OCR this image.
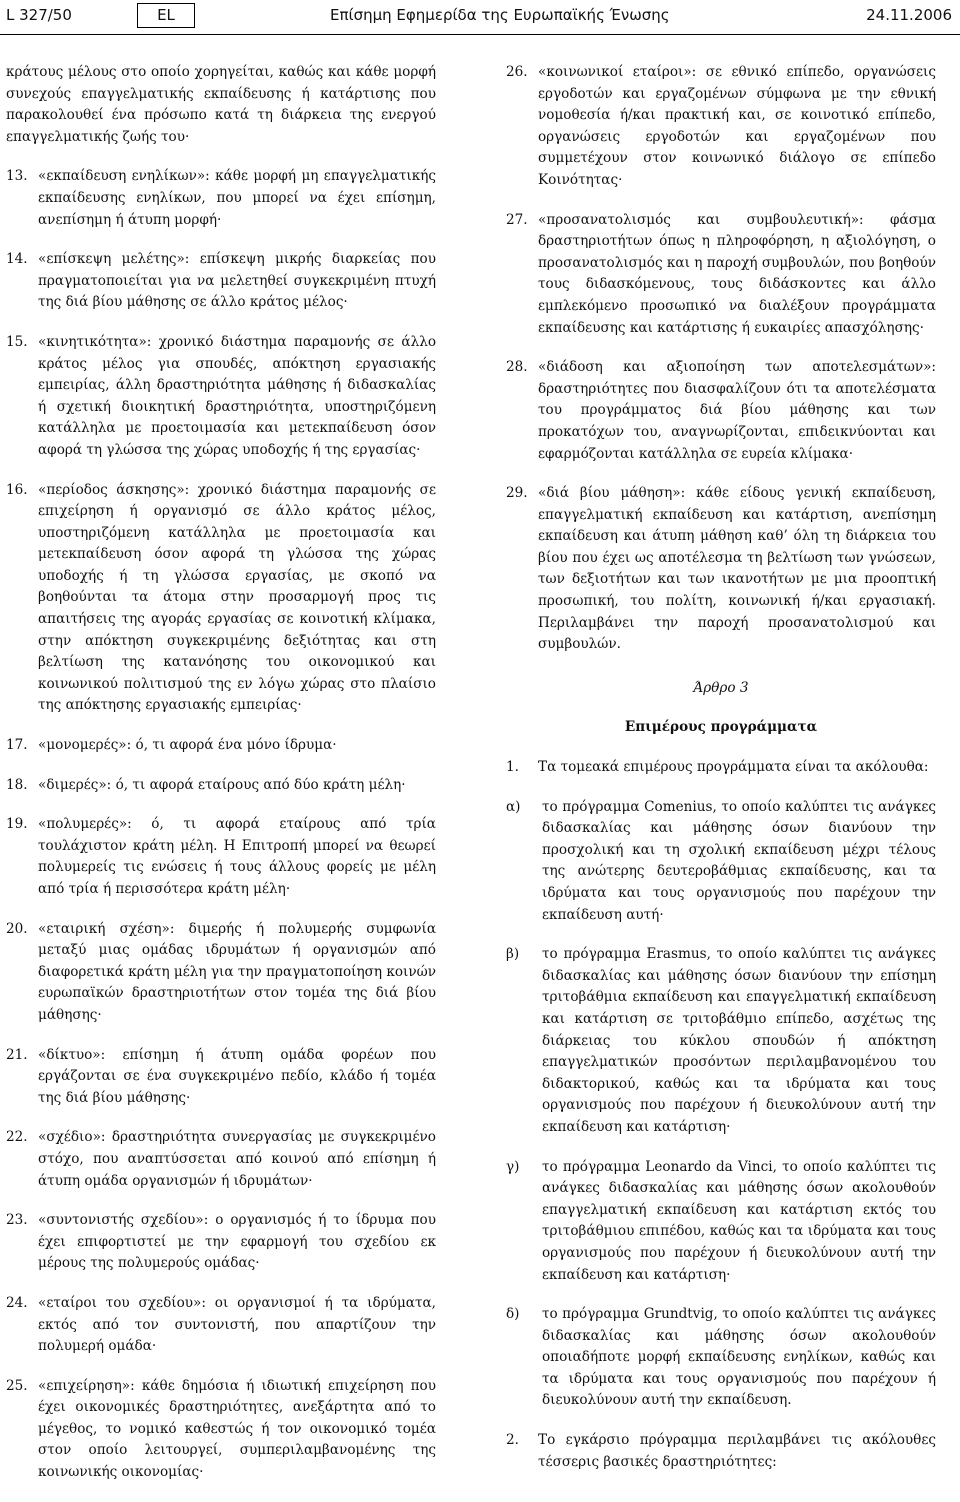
L 327/50	EL	Επίσημη Εφημερίδα της Ευρωπαϊκής Ένωσης	24.11.2006
κράτους μέλους στο οποίο χορηγείται, καθώς και κάθε μορφή συνεχούς επαγγελματικής εκπαίδευσης ή κατάρτισης που παρακολουθεί ένα πρόσωπο κατά τη διάρκεια της ενεργού επαγγελματικής ζωής του·
13. «εκπαίδευση ενηλίκων»: κάθε μορφή μη επαγγελματικής εκπαίδευσης ενηλίκων, που μπορεί να έχει επίσημη, ανεπίσημη ή άτυπη μορφή·
14. «επίσκεψη μελέτης»: επίσκεψη μικρής διαρκείας που πραγματοποιείται για να μελετηθεί συγκεκριμένη πτυχή της διά βίου μάθησης σε άλλο κράτος μέλος·
15. «κινητικότητα»: χρονικό διάστημα παραμονής σε άλλο κράτος μέλος για σπουδές, απόκτηση εργασιακής εμπειρίας, άλλη δραστηριότητα μάθησης ή διδασκαλίας ή σχετική διοικητική δραστηριότητα, υποστηριζόμενη κατάλληλα με προετοιμασία και μετεκπαίδευση όσον αφορά τη γλώσσα της χώρας υποδοχής ή της εργασίας·
16. «περίοδος άσκησης»: χρονικό διάστημα παραμονής σε επιχείρηση ή οργανισμό σε άλλο κράτος μέλος, υποστηριζόμενη κατάλληλα με προετοιμασία και μετεκπαίδευση όσον αφορά τη γλώσσα της χώρας υποδοχής ή τη γλώσσα εργασίας, με σκοπό να βοηθούνται τα άτομα στην προσαρμογή προς τις απαιτήσεις της αγοράς εργασίας σε κοινοτική κλίμακα, στην απόκτηση συγκεκριμένης δεξιότητας και στη βελτίωση της κατανόησης του οικονομικού και κοινωνικού πολιτισμού της εν λόγω χώρας στο πλαίσιο της απόκτησης εργασιακής εμπειρίας·
17. «μονομερές»: ό, τι αφορά ένα μόνο ίδρυμα·
18. «διμερές»: ό, τι αφορά εταίρους από δύο κράτη μέλη·
19. «πολυμερές»: ό, τι αφορά εταίρους από τρία τουλάχιστον κράτη μέλη. Η Επιτροπή μπορεί να θεωρεί πολυμερείς τις ενώσεις ή τους άλλους φορείς με μέλη από τρία ή περισσότερα κράτη μέλη·
20. «εταιρική σχέση»: διμερής ή πολυμερής συμφωνία μεταξύ μιας ομάδας ιδρυμάτων ή οργανισμών από διαφορετικά κράτη μέλη για την πραγματοποίηση κοινών ευρωπαϊκών δραστηριοτήτων στον τομέα της διά βίου μάθησης·
21. «δίκτυο»: επίσημη ή άτυπη ομάδα φορέων που εργάζονται σε ένα συγκεκριμένο πεδίο, κλάδο ή τομέα της διά βίου μάθησης·
22. «σχέδιο»: δραστηριότητα συνεργασίας με συγκεκριμένο στόχο, που αναπτύσσεται από κοινού από επίσημη ή άτυπη ομάδα οργανισμών ή ιδρυμάτων·
23. «συντονιστής σχεδίου»: ο οργανισμός ή το ίδρυμα που έχει επιφορτιστεί με την εφαρμογή του σχεδίου εκ μέρους της πολυμερούς ομάδας·
24. «εταίροι του σχεδίου»: οι οργανισμοί ή τα ιδρύματα, εκτός από τον συντονιστή, που απαρτίζουν την πολυμερή ομάδα·
25. «επιχείρηση»: κάθε δημόσια ή ιδιωτική επιχείρηση που έχει οικονομικές δραστηριότητες, ανεξάρτητα από το μέγεθος, το νομικό καθεστώς ή τον οικονομικό τομέα στον οποίο λειτουργεί, συμπεριλαμβανομένης της κοινωνικής οικονομίας·
26. «κοινωνικοί εταίροι»: σε εθνικό επίπεδο, οργανώσεις εργοδοτών και εργαζομένων σύμφωνα με την εθνική νομοθεσία ή/και πρακτική και, σε κοινοτικό επίπεδο, οργανώσεις εργοδοτών και εργαζομένων που συμμετέχουν στον κοινωνικό διάλογο σε επίπεδο Κοινότητας·
27. «προσανατολισμός και συμβουλευτική»: φάσμα δραστηριοτήτων όπως η πληροφόρηση, η αξιολόγηση, ο προσανατολισμός και η παροχή συμβουλών, που βοηθούν τους διδασκόμενους, τους διδάσκοντες και άλλο εμπλεκόμενο προσωπικό να διαλέξουν προγράμματα εκπαίδευσης και κατάρτισης ή ευκαιρίες απασχόλησης·
28. «διάδοση και αξιοποίηση των αποτελεσμάτων»: δραστηριότητες που διασφαλίζουν ότι τα αποτελέσματα του προγράμματος διά βίου μάθησης και των προκατόχων του, αναγνωρίζονται, επιδεικνύονται και εφαρμόζονται κατάλληλα σε ευρεία κλίμακα·
29. «διά βίου μάθηση»: κάθε είδους γενική εκπαίδευση, επαγγελματική εκπαίδευση και κατάρτιση, ανεπίσημη εκπαίδευση και άτυπη μάθηση καθ’ όλη τη διάρκεια του βίου που έχει ως αποτέλεσμα τη βελτίωση των γνώσεων, των δεξιοτήτων και των ικανοτήτων με μια προοπτική προσωπική, του πολίτη, κοινωνική ή/και εργασιακή. Περιλαμβάνει την παροχή προσανατολισμού και συμβουλών.
Άρθρο 3
Επιμέρους προγράμματα
1.	Τα τομεακά επιμέρους προγράμματα είναι τα ακόλουθα:
α)	το πρόγραμμα Comenius, το οποίο καλύπτει τις ανάγκες διδασκαλίας και μάθησης όσων διανύουν την προσχολική και τη σχολική εκπαίδευση μέχρι τέλους της ανώτερης δευτεροβάθμιας εκπαίδευσης, και τα ιδρύματα και τους οργανισμούς που παρέχουν την εκπαίδευση αυτή·
β)	το πρόγραμμα Erasmus, το οποίο καλύπτει τις ανάγκες διδασκαλίας και μάθησης όσων διανύουν την επίσημη τριτοβάθμια εκπαίδευση και επαγγελματική εκπαίδευση και κατάρτιση σε τριτοβάθμιο επίπεδο, ασχέτως της διάρκειας του κύκλου σπουδών ή απόκτηση επαγγελματικών προσόντων περιλαμβανομένου του διδακτορικού, καθώς και τα ιδρύματα και τους οργανισμούς που παρέχουν ή διευκολύνουν αυτή την εκπαίδευση και κατάρτιση·
γ)	το πρόγραμμα Leonardo da Vinci, το οποίο καλύπτει τις ανάγκες διδασκαλίας και μάθησης όσων ακολουθούν επαγγελματική εκπαίδευση και κατάρτιση εκτός του τριτοβάθμιου επιπέδου, καθώς και τα ιδρύματα και τους οργανισμούς που παρέχουν ή διευκολύνουν αυτή την εκπαίδευση και κατάρτιση·
δ)	το πρόγραμμα Grundtvig, το οποίο καλύπτει τις ανάγκες διδασκαλίας και μάθησης όσων ακολουθούν οποιαδήποτε μορφή εκπαίδευσης ενηλίκων, καθώς και τα ιδρύματα και τους οργανισμούς που παρέχουν ή διευκολύνουν αυτή την εκπαίδευση.
2.	Το εγκάρσιο πρόγραμμα περιλαμβάνει τις ακόλουθες τέσσερις βασικές δραστηριότητες:
